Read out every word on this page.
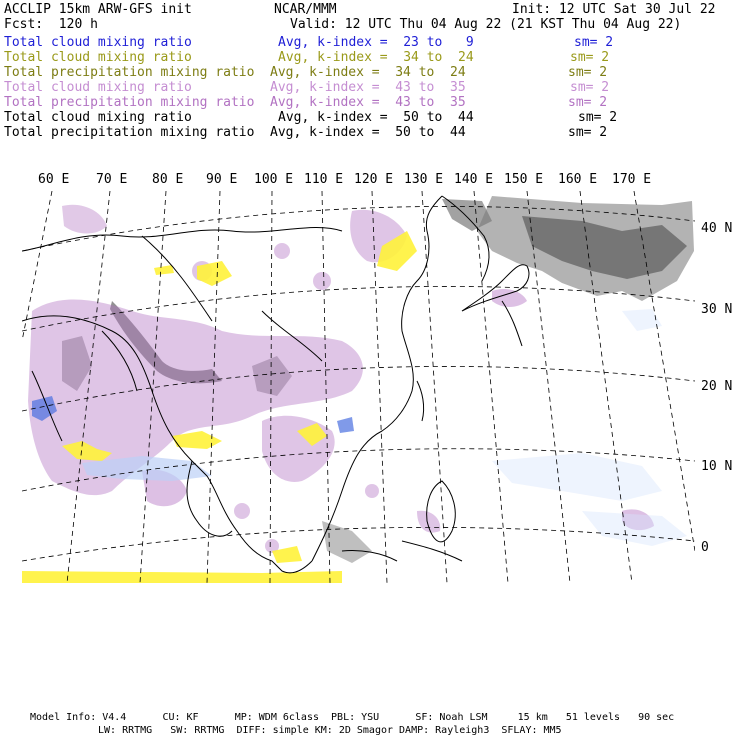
ACCLIP 15km ARW-GFS init	NCAR/MMM	Init: 12 UTC Sat 30 Jul 22
Fcst:  120 h	Valid: 12 UTC Thu 04 Aug 22 (21 KST Thu 04 Aug 22)
Total cloud mixing ratio	Avg, k-index =  23 to   9	sm= 2
Total cloud mixing ratio	Avg, k-index =  34 to  24	sm= 2
Total precipitation mixing ratio Avg, k-index =  34 to  24	sm= 2
Total cloud mixing ratio	Avg, k-index =  43 to  35	sm= 2
Total precipitation mixing ratio Avg, k-index =  43 to  35	sm= 2
Total cloud mixing ratio	Avg, k-index =  50 to  44	sm= 2
Total precipitation mixing ratio Avg, k-index =  50 to  44	sm= 2
60 E 70 E 80 E 90 E 100 E 110 E 120 E 130 E 140 E 150 E 160 E 170 E
40 N
30 N
20 N
10 N
0
Model Info: V4.4      CU: KF      MP: WDM 6class  PBL: YSU      SF: Noah LSM     15 km   51 levels   90 sec
LW: RRTMG   SW: RRTMG  DIFF: simple KM: 2D Smagor DAMP: Rayleigh3  SFLAY: MM5
